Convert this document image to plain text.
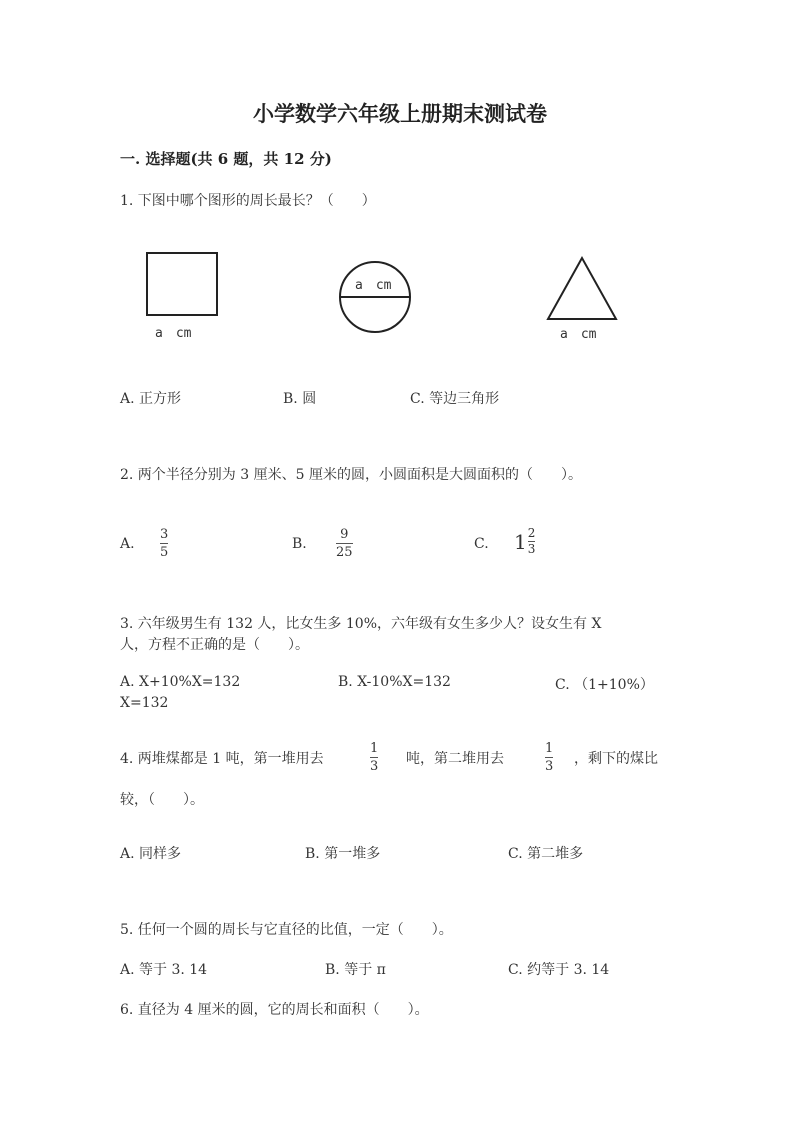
小学数学六年级上册期末测试卷
一. 选择题(共 6 题，共 12 分)
1. 下图中哪个图形的周长最长？（　　）
a　cm
a　cm
a　cm
A. 正方形	B. 圆	C. 等边三角形
2. 两个半径分别为 3 厘米、5 厘米的圆，小圆面积是大圆面积的（　　）。
A.
3
5
B.
9
25
C. $1 \frac{2}{3}$
3. 六年级男生有 132 人，比女生多 10%，六年级有女生多少人？设女生有 X
人，方程不正确的是（　　）。
A. X+10%X=132	B. X-10%X=132	C. （1+10%）
X=132
4. 两堆煤都是 1 吨，第一堆用去
1
3 吨，第二堆用去
1
3 ，剩下的煤比
较，（　　）。
A. 同样多	B. 第一堆多	C. 第二堆多
5. 任何一个圆的周长与它直径的比值，一定（　　）。
A. 等于 3. 14	B. 等于 π	C. 约等于 3. 14
6. 直径为 4 厘米的圆，它的周长和面积（　　）。
